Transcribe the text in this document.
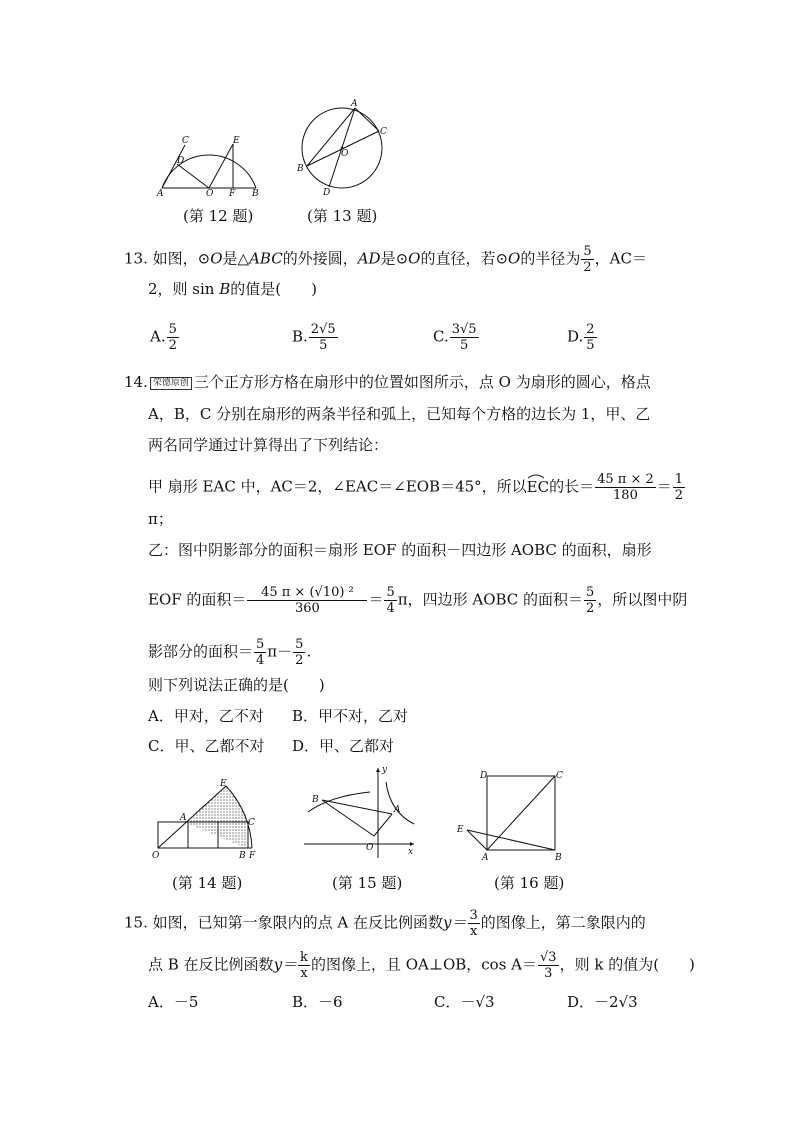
A
C
D
E
O F B
A
C
O
B
D
(第 12 题)	(第 13 题)
13. 如图，⊙O是△ABC的外接圆，AD是⊙O的直径，若⊙O的半径为 $\frac{5}{2}$ ，AC＝
2，则 sin B的值是(　　)
A. $\frac{5}{2}$	B. $\frac{2√5}{5}$	C. $\frac{3√5}{5}$	D. $\frac{2}{5}$
14. 荣德原创 三个正方形方格在扇形中的位置如图所示，点 O 为扇形的圆心，格点
A，B，C 分别在扇形的两条半径和弧上，已知每个方格的边长为 1，甲、乙
两名同学通过计算得出了下列结论：
甲 扇形 EAC 中，AC＝2，∠EAC＝∠EOB＝45°，所以EC
的长＝ $\frac{45 \pi \times 2}{180} = \frac{1}{2}$
π；
乙：图中阴影部分的面积＝扇形 EOF 的面积－四边形 AOBC 的面积，扇形
EOF 的面积＝ $\frac{\text{45 π × (√10) ²}}{360} = \frac{5}{4}$ π，四边形 AOBC 的面积＝ $\frac{5}{2}$ ，所以图中阴
影部分的面积＝ $\frac{5}{4} \pi- \frac{5}{2}$ .
则下列说法正确的是(　　)
A．甲对，乙不对 B．甲不对，乙对
C．甲、乙都不对 D．甲、乙都对
E
A	C
O	B F
y
B
A
O	x
D	C
E
A	B
(第 14 题)	(第 15 题)	(第 16 题)
15. 如图，已知第一象限内的点 A 在反比例函数$y= \frac{3}{x}$ 的图像上，第二象限内的
点 B 在反比例函数$y= \frac{k}{x}$ 的图像上，且 OA⊥OB，$\cos A= \frac{√3}{3}$ ，则 k 的值为(　　)
A．－5	B．－6	C．－√3	D．－2√3
